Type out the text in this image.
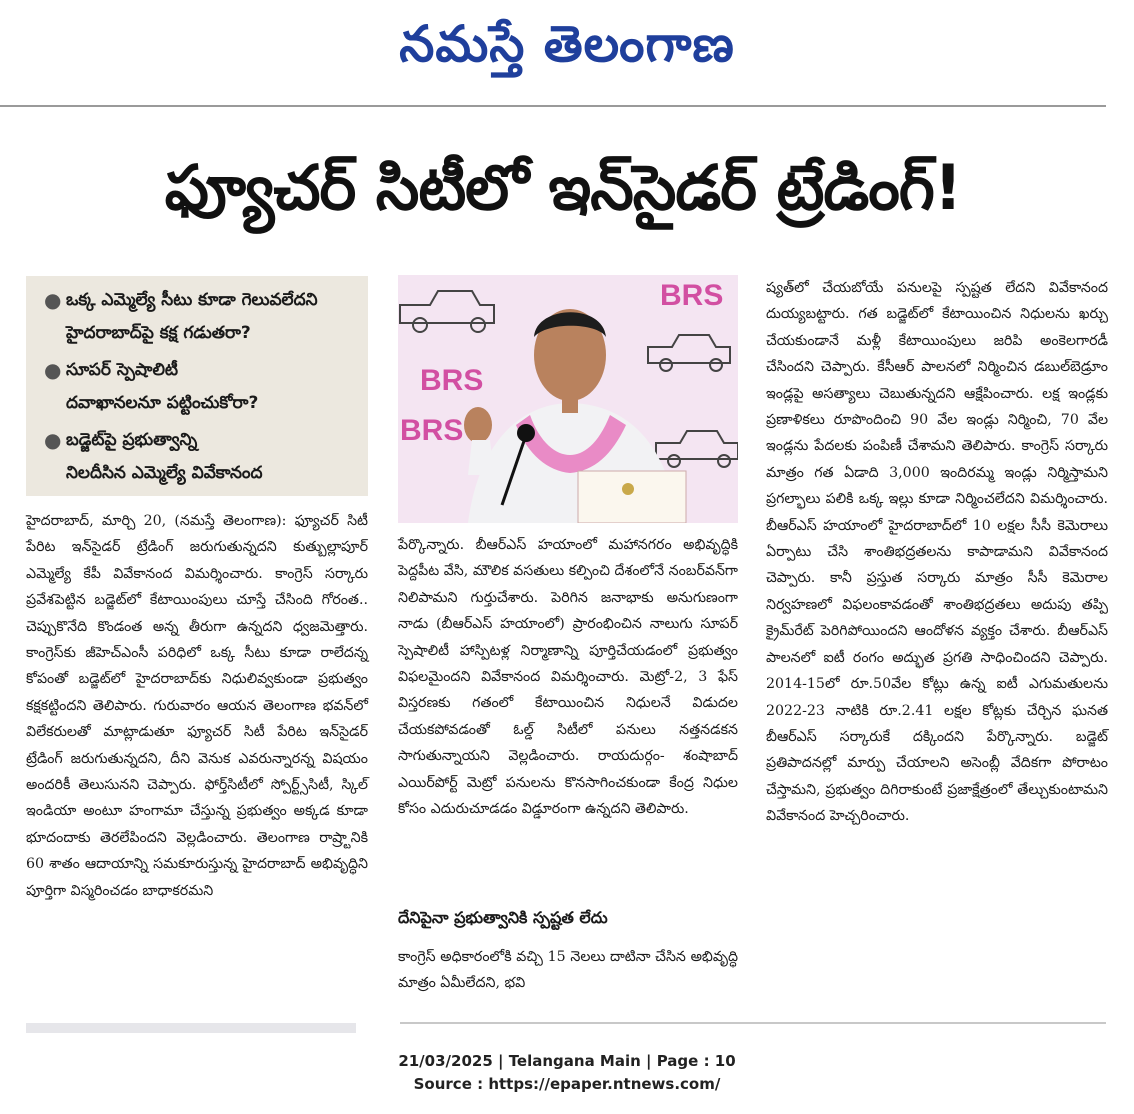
నమస్తే తెలంగాణ
ఫ్యూచర్ సిటీలో ఇన్‌సైడర్ ట్రేడింగ్!
● ఒక్క ఎమ్మెల్యే సీటు కూడా గెలువలేదని
హైదరాబాద్‌పై కక్ష గడుతరా?
● సూపర్ స్పెషాలిటీ
దవాఖానలనూ పట్టించుకోరా?
● బడ్జెట్‌పై ప్రభుత్వాన్ని
నిలదీసిన ఎమ్మెల్యే వివేకానంద
BRS
BRS
BRS

హైదరాబాద్, మార్చి 20, (నమస్తే తెలంగాణ): ఫ్యూచర్ సిటీ పేరిట ఇన్‌సైడర్ ట్రేడింగ్ జరుగుతున్నదని కుత్బుల్లాపూర్ ఎమ్మెల్యే కేపీ వివేకానంద విమర్శించారు. కాంగ్రెస్ సర్కారు ప్రవేశపెట్టిన బడ్జెట్‌లో కేటాయింపులు చూస్తే చేసింది గోరంత.. చెప్పుకొనేది కొండంత అన్న తీరుగా ఉన్నదని ధ్వజమెత్తారు. కాంగ్రెస్‌కు జీహెచ్‌ఎంసీ పరిధిలో ఒక్క సీటు కూడా రాలేదన్న కోపంతో బడ్జెట్‌లో హైదరాబాద్‌కు నిధులివ్వకుండా ప్రభుత్వం కక్షకట్టిందని తెలిపారు. గురువారం ఆయన తెలంగాణ భవన్‌లో విలేకరులతో మాట్లాడుతూ ఫ్యూచర్ సిటీ పేరిట ఇన్‌సైడర్ ట్రేడింగ్ జరుగుతున్నదని, దీని వెనుక ఎవరున్నారన్న విషయం అందరికీ తెలుసునని చెప్పారు. ఫోర్త్‌సిటీలో స్పోర్ట్స్‌సిటీ, స్కిల్ ఇండియా అంటూ హంగామా చేస్తున్న ప్రభుత్వం అక్కడ కూడా భూదందాకు తెరలేపిందని వెల్లడించారు. తెలంగాణ రాష్ర్టానికి 60 శాతం ఆదాయాన్ని సమకూరుస్తున్న హైదరాబాద్ అభివృద్ధిని పూర్తిగా విస్మరించడం బాధాకరమని

పేర్కొన్నారు. బీఆర్‌ఎస్ హయాంలో మహానగరం అభివృద్ధికి పెద్దపీట వేసి, మౌలిక వసతులు కల్పించి దేశంలోనే నంబర్‌వన్‌గా నిలిపామని గుర్తుచేశారు. పెరిగిన జనాభాకు అనుగుణంగా నాడు (బీఆర్‌ఎస్ హయాంలో) ప్రారంభించిన నాలుగు సూపర్ స్పెషాలిటీ హాస్పిటళ్ల నిర్మాణాన్ని పూర్తిచేయడంలో ప్రభుత్వం విఫలమైందని వివేకానంద విమర్శించారు. మెట్రో-2, 3 ఫేస్ విస్తరణకు గతంలో కేటాయించిన నిధులనే విడుదల చేయకపోవడంతో ఓల్డ్ సిటీలో పనులు నత్తనడకన సాగుతున్నాయని వెల్లడించారు. రాయదుర్గం- శంషాబాద్ ఎయిర్‌పోర్ట్ మెట్రో పనులను కొనసాగించకుండా కేంద్ర నిధుల కోసం ఎదురుచూడడం విడ్డూరంగా ఉన్నదని తెలిపారు.

దేనిపైనా ప్రభుత్వానికి స్పష్టత లేదు

కాంగ్రెస్ అధికారంలోకి వచ్చి 15 నెలలు దాటినా చేసిన అభివృద్ధి మాత్రం ఏమీలేదని, భవి

ష్యత్‌లో చేయబోయే పనులపై స్పష్టత లేదని వివేకానంద దుయ్యబట్టారు. గత బడ్జెట్‌లో కేటాయించిన నిధులను ఖర్చు చేయకుండానే మళ్లీ కేటాయింపులు జరిపి అంకెలగారడీ చేసిందని చెప్పారు. కేసీఆర్ పాలనలో నిర్మించిన డబుల్‌బెడ్రూం ఇండ్లపై అసత్యాలు చెబుతున్నదని ఆక్షేపించారు. లక్ష ఇండ్లకు ప్రణాళికలు రూపొందించి 90 వేల ఇండ్లు నిర్మించి, 70 వేల ఇండ్లను పేదలకు పంపిణీ చేశామని తెలిపారు. కాంగ్రెస్ సర్కారు మాత్రం గత ఏడాది 3,000 ఇందిరమ్మ ఇండ్లు నిర్మిస్తామని ప్రగల్భాలు పలికి ఒక్క ఇల్లు కూడా నిర్మించలేదని విమర్శించారు. బీఆర్‌ఎస్ హయాంలో హైదరాబాద్‌లో 10 లక్షల సీసీ కెమెరాలు ఏర్పాటు చేసి శాంతిభద్రతలను కాపాడామని వివేకానంద చెప్పారు. కానీ ప్రస్తుత సర్కారు మాత్రం సీసీ కెమెరాల నిర్వహణలో విఫలంకావడంతో శాంతిభద్రతలు అదుపు తప్పి క్రైమ్‌రేట్ పెరిగిపోయిందని ఆందోళన వ్యక్తం చేశారు. బీఆర్‌ఎస్ పాలనలో ఐటీ రంగం అద్భుత ప్రగతి సాధించిందని చెప్పారు. 2014-15లో రూ.50వేల కోట్లు ఉన్న ఐటీ ఎగుమతులను 2022-23 నాటికి రూ.2.41 లక్షల కోట్లకు చేర్చిన ఘనత బీఆర్‌ఎస్ సర్కారుకే దక్కిందని పేర్కొన్నారు. బడ్జెట్ ప్రతిపాదనల్లో మార్పు చేయాలని అసెంబ్లీ వేదికగా పోరాటం చేస్తామని, ప్రభుత్వం దిగిరాకుంటే ప్రజాక్షేత్రంలో తేల్చుకుంటామని వివేకానంద హెచ్చరించారు.

21/03/2025 | Telangana Main | Page : 10
Source : https://epaper.ntnews.com/
